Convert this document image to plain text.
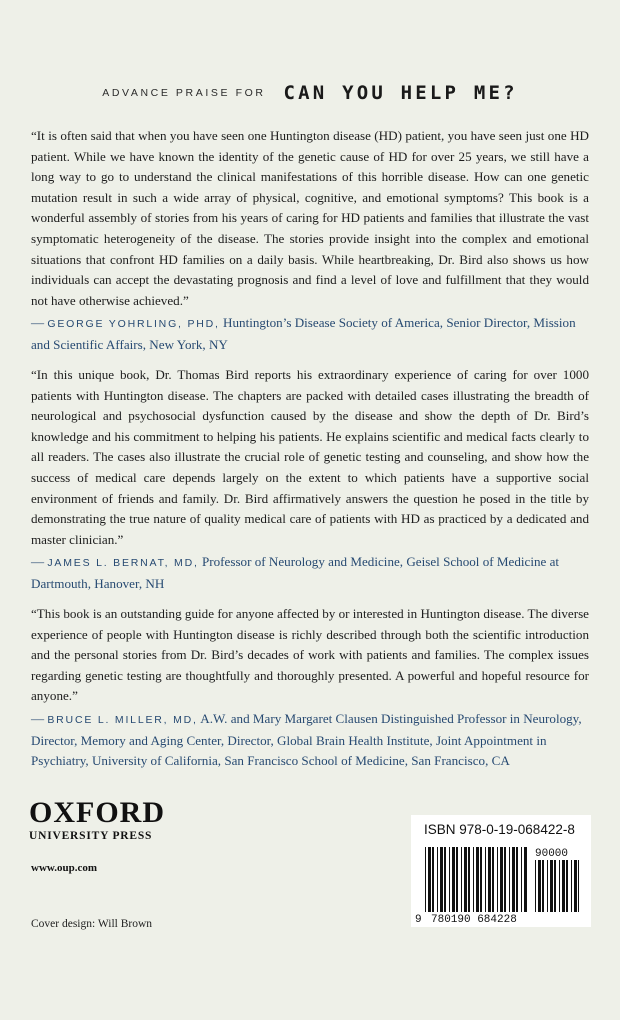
ADVANCE PRAISE FOR CAN YOU HELP ME?

“It is often said that when you have seen one Huntington disease (HD) patient, you have seen just one HD patient. While we have known the identity of the genetic cause of HD for over 25 years, we still have a long way to go to understand the clinical manifestations of this horrible disease. How can one genetic mutation result in such a wide array of physical, cognitive, and emotional symptoms? This book is a wonderful assembly of stories from his years of caring for HD patients and families that illustrate the vast symptomatic heterogeneity of the disease. The stories provide insight into the complex and emotional situations that confront HD families on a daily basis. While heartbreaking, Dr. Bird also shows us how individuals can accept the devastating prognosis and find a level of love and fulfillment that they would not have otherwise achieved.”

— GEORGE YOHRLING, PHD, Huntington’s Disease Society of America, Senior Director, Mission and Scientific Affairs, New York, NY

“In this unique book, Dr. Thomas Bird reports his extraordinary experience of caring for over 1000 patients with Huntington disease. The chapters are packed with detailed cases illustrating the breadth of neurological and psychosocial dysfunction caused by the disease and show the depth of Dr. Bird’s knowledge and his commitment to helping his patients. He explains scientific and medical facts clearly to all readers. The cases also illustrate the crucial role of genetic testing and counseling, and show how the success of medical care depends largely on the extent to which patients have a supportive social environment of friends and family. Dr. Bird affirmatively answers the question he posed in the title by demonstrating the true nature of quality medical care of patients with HD as practiced by a dedicated and master clinician.”

— JAMES L. BERNAT, MD, Professor of Neurology and Medicine, Geisel School of Medicine at Dartmouth, Hanover, NH

“This book is an outstanding guide for anyone affected by or interested in Huntington disease. The diverse experience of people with Huntington disease is richly described through both the scientific introduction and the personal stories from Dr. Bird’s decades of work with patients and families. The complex issues regarding genetic testing are thoughtfully and thoroughly presented. A powerful and hopeful resource for anyone.”

— BRUCE L. MILLER, MD, A.W. and Mary Margaret Clausen Distinguished Professor in Neurology, Director, Memory and Aging Center, Director, Global Brain Health Institute, Joint Appointment in Psychiatry, University of California, San Francisco School of Medicine, San Francisco, CA
OXFORD
UNIVERSITY PRESS
www.oup.com
Cover design: Will Brown
90000
9 780190 684228
ISBN 978-0-19-068422-8
